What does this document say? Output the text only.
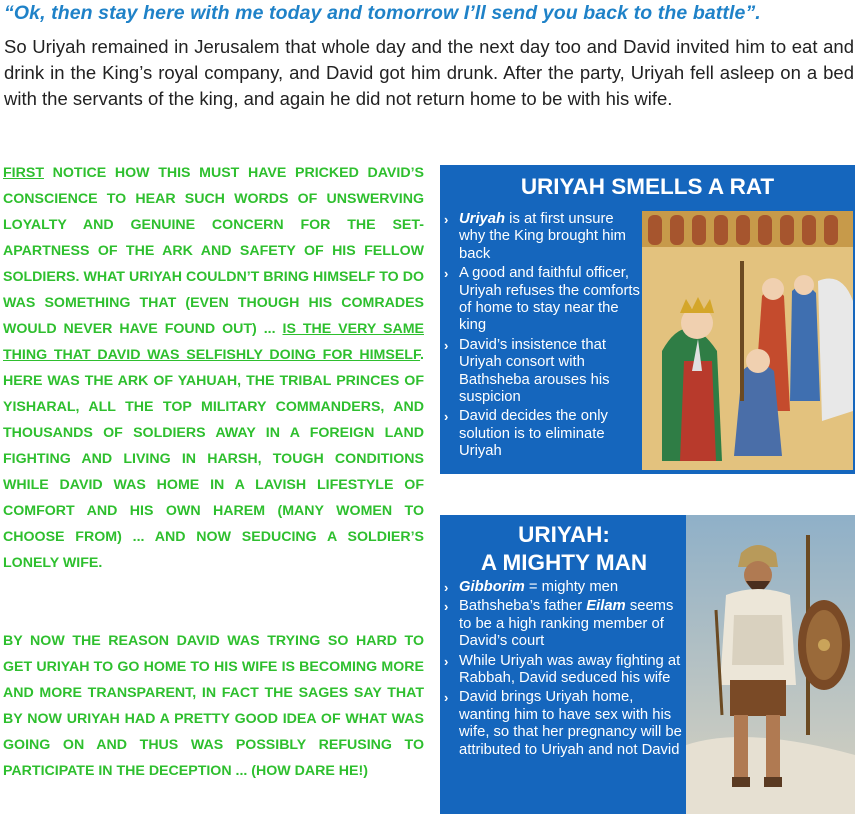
“Ok, then stay here with me today and tomorrow I’ll send you back to the battle”.
So Uriyah remained in Jerusalem that whole day and the next day too and David invited him to eat and drink in the King’s royal company, and David got him drunk. After the party, Uriyah fell asleep on a bed with the servants of the king, and again he did not return home to be with his wife.
FIRST NOTICE HOW THIS MUST HAVE PRICKED DAVID’S CONSCIENCE TO HEAR SUCH WORDS OF UNSWERVING LOYALTY AND GENUINE CONCERN FOR THE SET-APARTNESS OF THE ARK AND SAFETY OF HIS FELLOW SOLDIERS. WHAT URIYAH COULDN’T BRING HIMSELF TO DO WAS SOMETHING THAT (EVEN THOUGH HIS COMRADES WOULD NEVER HAVE FOUND OUT) ... IS THE VERY SAME THING THAT DAVID WAS SELFISHLY DOING FOR HIMSELF. HERE WAS THE ARK OF YAHUAH, THE TRIBAL PRINCES OF YISHARAL, ALL THE TOP MILITARY COMMANDERS, AND THOUSANDS OF SOLDIERS AWAY IN A FOREIGN LAND FIGHTING AND LIVING IN HARSH, TOUGH CONDITIONS WHILE DAVID WAS HOME IN A LAVISH LIFESTYLE OF COMFORT AND HIS OWN HAREM (MANY WOMEN TO CHOOSE FROM) ... AND NOW SEDUCING A SOLDIER’S LONELY WIFE.
BY NOW THE REASON DAVID WAS TRYING SO HARD TO GET URIYAH TO GO HOME TO HIS WIFE IS BECOMING MORE AND MORE TRANSPARENT, IN FACT THE SAGES SAY THAT BY NOW URIYAH HAD A PRETTY GOOD IDEA OF WHAT WAS GOING ON AND THUS WAS POSSIBLY REFUSING TO PARTICIPATE IN THE DECEPTION ... (HOW DARE HE!)
URIYAH SMELLS A RAT
› Uriyah is at first unsure why the King brought him back
› A good and faithful officer, Uriyah refuses the comforts of home to stay near the king
› David’s insistence that Uriyah consort with Bathsheba arouses his suspicion
› David decides the only solution is to eliminate Uriyah
URIYAH:
A MIGHTY MAN
› Gibborim = mighty men
› Bathsheba’s father Eilam seems to be a high ranking member of David’s court
› While Uriyah was away fighting at Rabbah, David seduced his wife
› David brings Uriyah home, wanting him to have sex with his wife, so that her pregnancy will be attributed to Uriyah and not David
